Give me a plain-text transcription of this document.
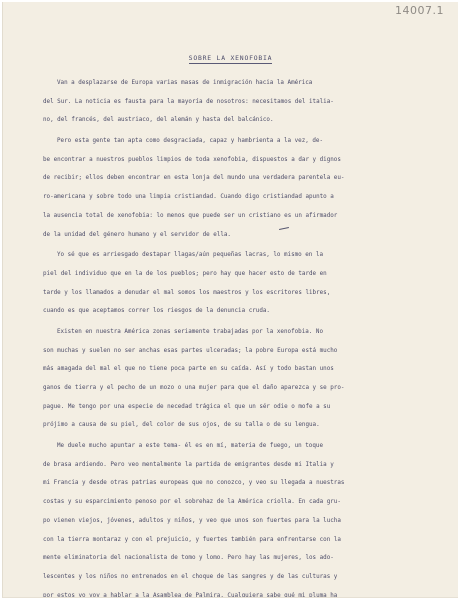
14007.1
SOBRE LA XENOFOBIA
Van a desplazarse de Europa varias masas de inmigración hacia la América
del Sur. La noticia es fausta para la mayoría de nosotros: necesitamos del italia-
no, del francés, del austriaco, del alemán y hasta del balcánico.
Pero esta gente tan apta como desgraciada, capaz y hambrienta a la vez, de-
be encontrar a nuestros pueblos limpios de toda xenofobia, dispuestos a dar y dignos
de recibir; ellos deben encontrar en esta lonja del mundo una verdadera parentela eu-
ro-americana y sobre todo una limpia cristiandad. Cuando digo cristiandad apunto a
la ausencia total de xenofobia: lo menos que puede ser un cristiano es un afirmador
de la unidad del género humano y el servidor de ella.
Yo sé que es arriesgado destapar llagas/aún pequeñas lacras, lo mismo en la
piel del individuo que en la de los pueblos; pero hay que hacer esto de tarde en
tarde y los llamados a denudar el mal somos los maestros y los escritores libres,
cuando es que aceptamos correr los riesgos de la denuncia cruda.
Existen en nuestra América zonas seriamente trabajadas por la xenofobia. No
son muchas y suelen no ser anchas esas partes ulceradas; la pobre Europa está mucho
más amagada del mal el que no tiene poca parte en su caída. Así y todo bastan unos
ganos de tierra y el pecho de un mozo o una mujer para que el daño aparezca y se pro-
pague. Me tengo por una especie de necedad trágica el que un sér odie o mofe a su
prójimo a causa de su piel, del color de sus ojos, de su talla o de su lengua.
Me duele mucho apuntar a este tema- él es en mí, materia de fuego, un toque
de brasa ardiendo. Pero veo mentalmente la partida de emigrantes desde mi Italia y
mi Francia y desde otras patrias europeas que no conozco, y veo su llegada a nuestras
costas y su esparcimiento penoso por el sobrehaz de la América criolla. En cada gru-
po vienen viejos, jóvenes, adultos y niños, y veo que unos son fuertes para la lucha
con la tierra montaraz y con el prejuicio, y fuertes también para enfrentarse con la
mente eliminatoria del nacionalista de tomo y lomo. Pero hay las mujeres, los ado-
lescentes y los niños no entrenados en el choque de las sangres y de las culturas y
por estos yo voy a hablar a la Asamblea de Palmira. Cualquiera sabe qué mi pluma ha
